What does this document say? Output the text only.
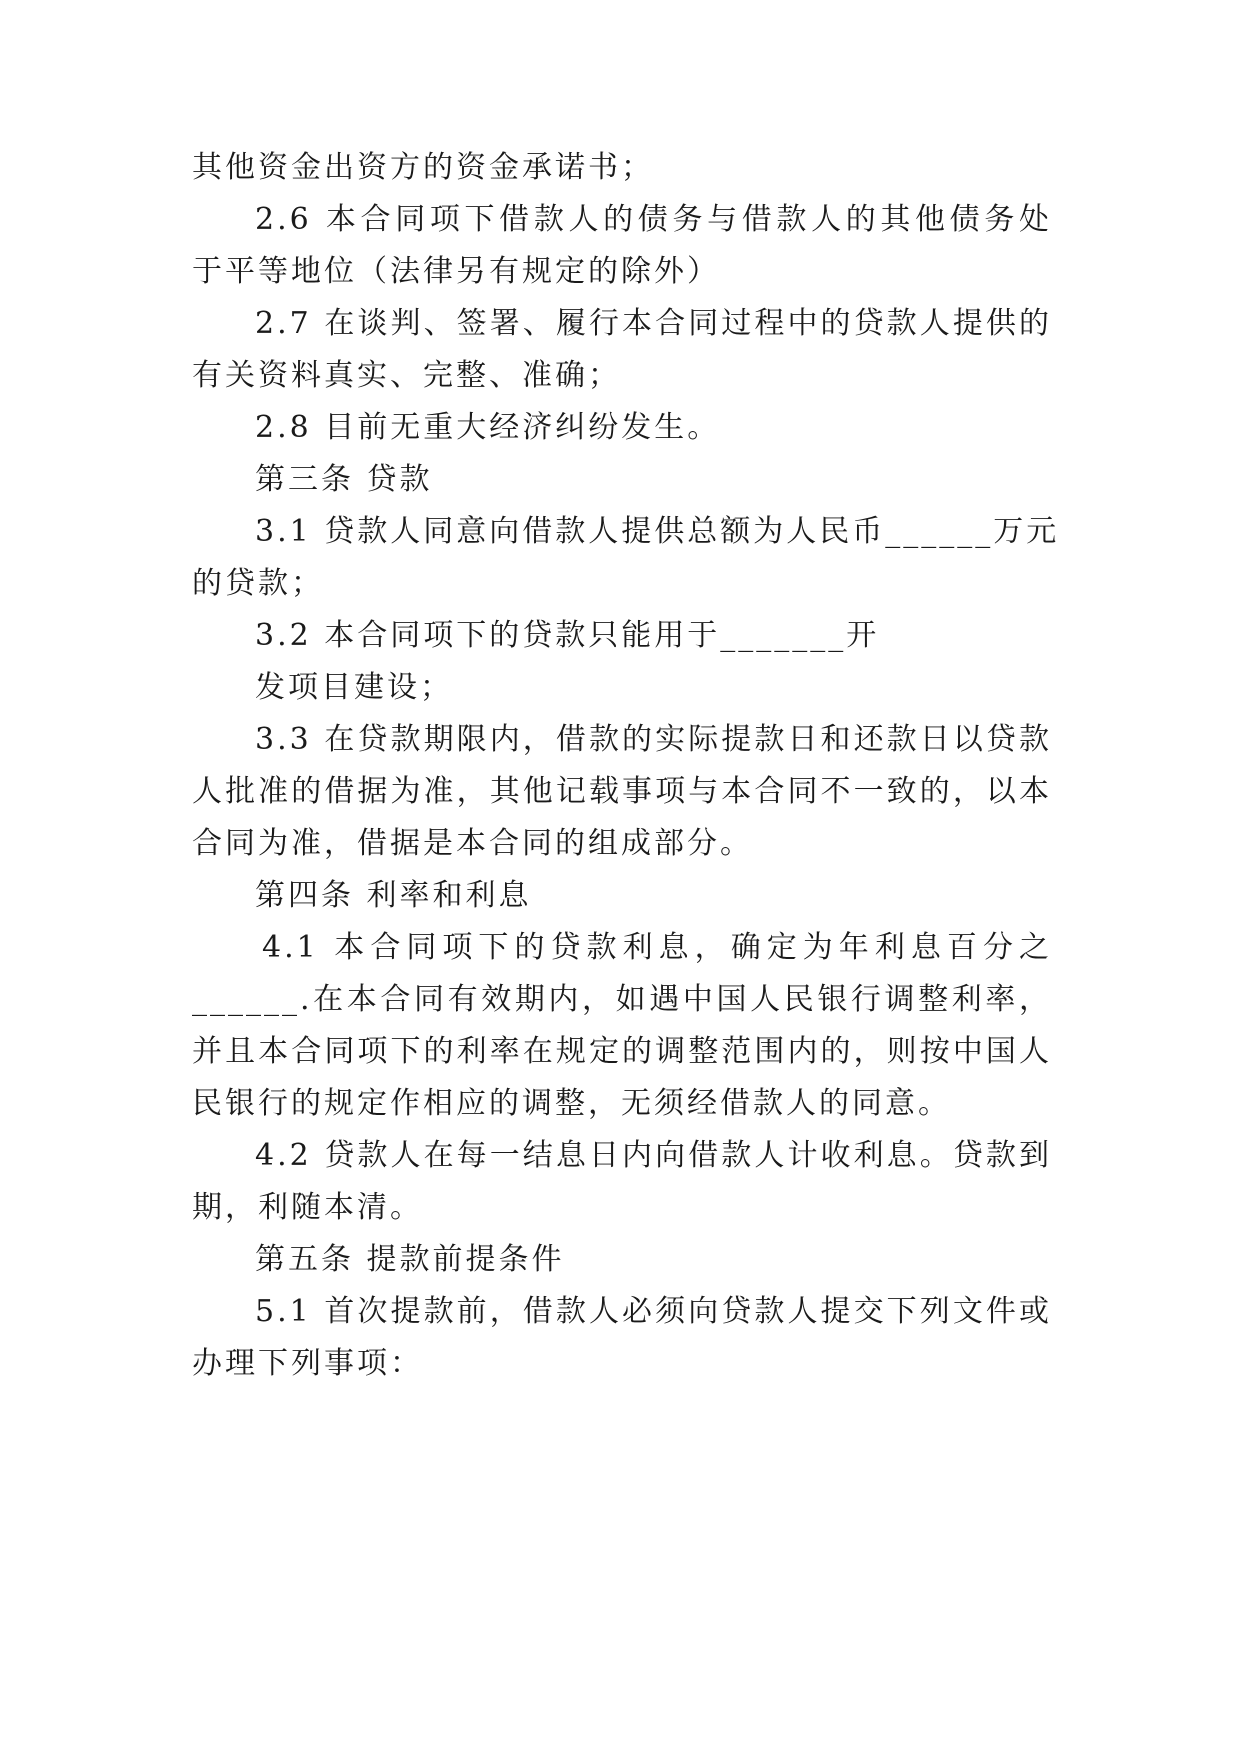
其他资金出资方的资金承诺书；
2.6 本合同项下借款人的债务与借款人的其他债务处
于平等地位（法律另有规定的除外）
2.7 在谈判、签署、履行本合同过程中的贷款人提供的
有关资料真实、完整、准确；
2.8 目前无重大经济纠纷发生。
第三条 贷款
3.1 贷款人同意向借款人提供总额为人民币______万元
的贷款；
3.2 本合同项下的贷款只能用于_______开
发项目建设；
3.3 在贷款期限内，借款的实际提款日和还款日以贷款
人批准的借据为准，其他记载事项与本合同不一致的，以本
合同为准，借据是本合同的组成部分。
第四条 利率和利息
4.1 本合同项下的贷款利息，确定为年利息百分之
______.在本合同有效期内，如遇中国人民银行调整利率，
并且本合同项下的利率在规定的调整范围内的，则按中国人
民银行的规定作相应的调整，无须经借款人的同意。
4.2 贷款人在每一结息日内向借款人计收利息。贷款到
期，利随本清。
第五条 提款前提条件
5.1 首次提款前，借款人必须向贷款人提交下列文件或
办理下列事项：
